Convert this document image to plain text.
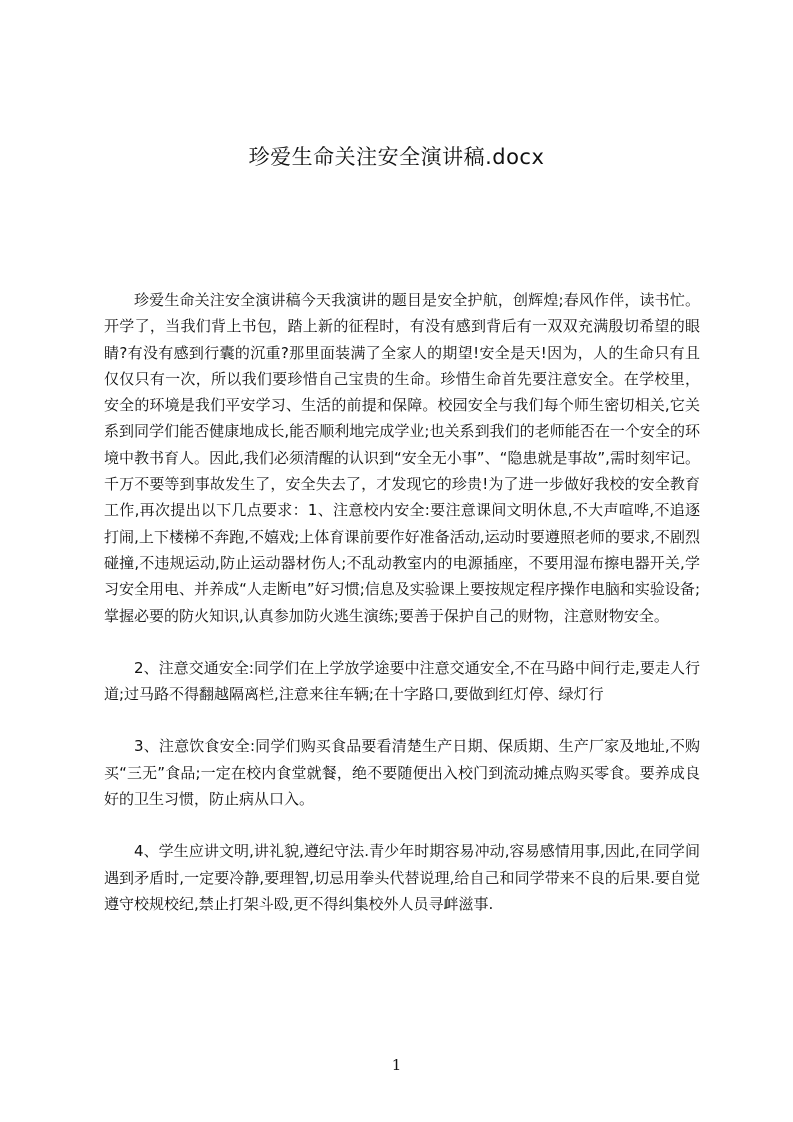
珍爱生命关注安全演讲稿.docx

珍爱生命关注安全演讲稿今天我演讲的题目是安全护航，创辉煌;春风作伴，读书忙。开学了，当我们背上书包，踏上新的征程时，有没有感到背后有一双双充满殷切希望的眼睛?有没有感到行囊的沉重?那里面装满了全家人的期望!安全是天!因为，人的生命只有且仅仅只有一次，所以我们要珍惜自己宝贵的生命。珍惜生命首先要注意安全。在学校里，安全的环境是我们平安学习、生活的前提和保障。校园安全与我们每个师生密切相关,它关系到同学们能否健康地成长,能否顺利地完成学业;也关系到我们的老师能否在一个安全的环境中教书育人。因此,我们必须清醒的认识到“安全无小事”、“隐患就是事故”,需时刻牢记。千万不要等到事故发生了，安全失去了，才发现它的珍贵!为了进一步做好我校的安全教育工作,再次提出以下几点要求：1、注意校内安全:要注意课间文明休息,不大声喧哗,不追逐打闹,上下楼梯不奔跑,不嬉戏;上体育课前要作好准备活动,运动时要遵照老师的要求,不剧烈碰撞,不违规运动,防止运动器材伤人;不乱动教室内的电源插座，不要用湿布擦电器开关,学习安全用电、并养成“人走断电”好习惯;信息及实验课上要按规定程序操作电脑和实验设备;掌握必要的防火知识,认真参加防火逃生演练;要善于保护自己的财物，注意财物安全。

2、注意交通安全:同学们在上学放学途要中注意交通安全,不在马路中间行走,要走人行道;过马路不得翻越隔离栏,注意来往车辆;在十字路口,要做到红灯停、绿灯行

3、注意饮食安全:同学们购买食品要看清楚生产日期、保质期、生产厂家及地址,不购买“三无”食品;一定在校内食堂就餐，绝不要随便出入校门到流动摊点购买零食。要养成良好的卫生习惯，防止病从口入。

4、学生应讲文明,讲礼貌,遵纪守法.青少年时期容易冲动,容易感情用事,因此,在同学间遇到矛盾时,一定要冷静,要理智,切忌用拳头代替说理,给自己和同学带来不良的后果.要自觉遵守校规校纪,禁止打架斗殴,更不得纠集校外人员寻衅滋事.

1
